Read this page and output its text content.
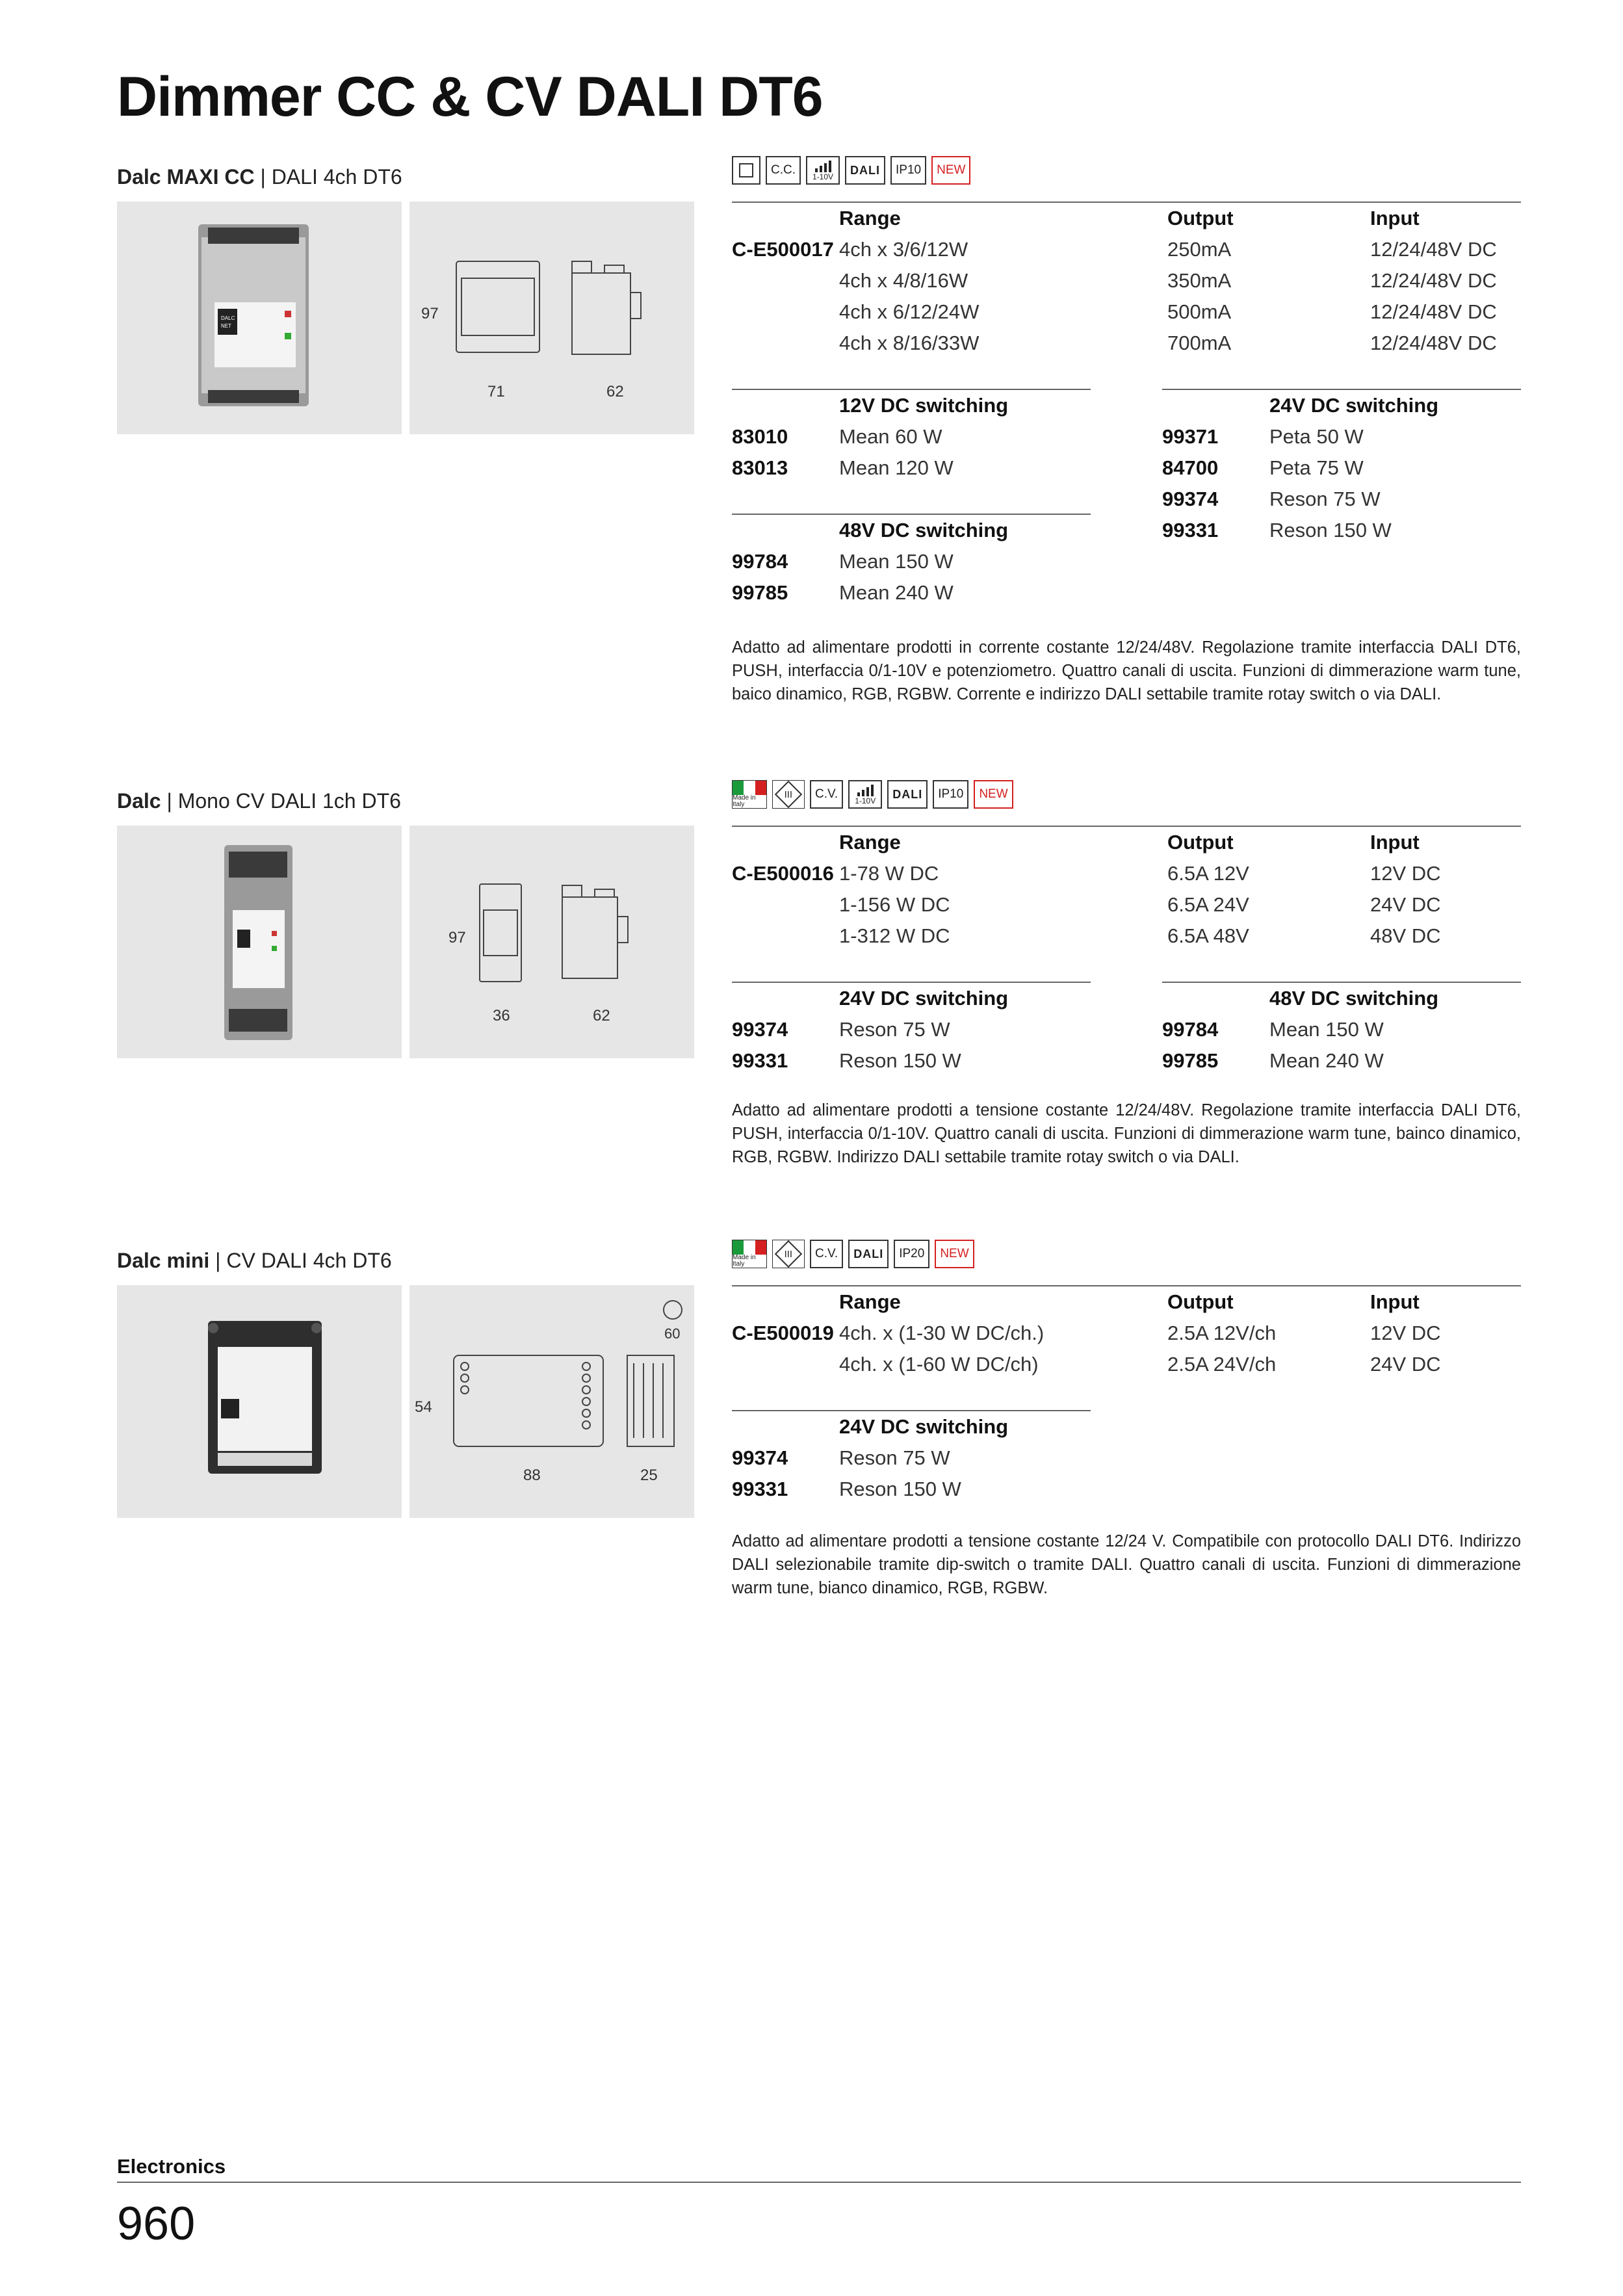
Dimmer CC & CV DALI DT6
Dalc MAXI CC | DALI 4ch DT6
DALC
NET
97
71	62
C.C.	1-10V
DALI	IP10	NEW
Range	Output	Input
C-E500017 4ch x 3/6/12W	250mA	12/24/48V DC
4ch x 4/8/16W	350mA	12/24/48V DC
4ch x 6/12/24W	500mA	12/24/48V DC
4ch x 8/16/33W	700mA	12/24/48V DC
12V DC switching
83010	Mean 60 W
83013	Mean 120 W
48V DC switching
99784	Mean 150 W
99785	Mean 240 W
24V DC switching
99371	Peta 50 W
84700	Peta 75 W
99374	Reson 75 W
99331	Reson 150 W

Adatto ad alimentare prodotti in corrente costante 12/24/48V. Regolazione tramite interfaccia DALI DT6, PUSH, interfaccia 0/1-10V e potenziometro. Quattro canali di uscita. Funzioni di dimmerazione warm tune, baico dinamico, RGB, RGBW. Corrente e indirizzo DALI settabile tramite rotay switch o via DALI.

Dalc | Mono CV DALI 1ch DT6
97
36	62
Made in Italy
III	C.V.	1-10V
DALI	IP10	NEW
Range	Output	Input
C-E500016 1-78 W DC	6.5A 12V	12V DC
1-156 W DC	6.5A 24V	24V DC
1-312 W DC	6.5A 48V	48V DC
24V DC switching
99374	Reson 75 W
99331	Reson 150 W
48V DC switching
99784	Mean 150 W
99785	Mean 240 W

Adatto ad alimentare prodotti a tensione costante 12/24/48V. Regolazione tramite interfaccia DALI DT6, PUSH, interfaccia 0/1-10V. Quattro canali di uscita. Funzioni di dimmerazione warm tune, bainco dinamico, RGB, RGBW. Indirizzo DALI settabile tramite rotay switch o via DALI.

Dalc mini | CV DALI 4ch DT6
54
88	25
60
Made in Italy
III	C.V.	DALI	IP20	NEW
Range	Output	Input
C-E500019 4ch. x (1-30 W DC/ch.)	2.5A 12V/ch	12V DC
4ch. x (1-60 W DC/ch)	2.5A 24V/ch	24V DC
24V DC switching
99374	Reson 75 W
99331	Reson 150 W

Adatto ad alimentare prodotti a tensione costante 12/24 V. Compatibile con protocollo DALI DT6. Indirizzo DALI selezionabile tramite dip-switch o tramite DALI. Quattro canali di uscita. Funzioni di dimmerazione warm tune, bianco dinamico, RGB, RGBW.

Electronics
960
